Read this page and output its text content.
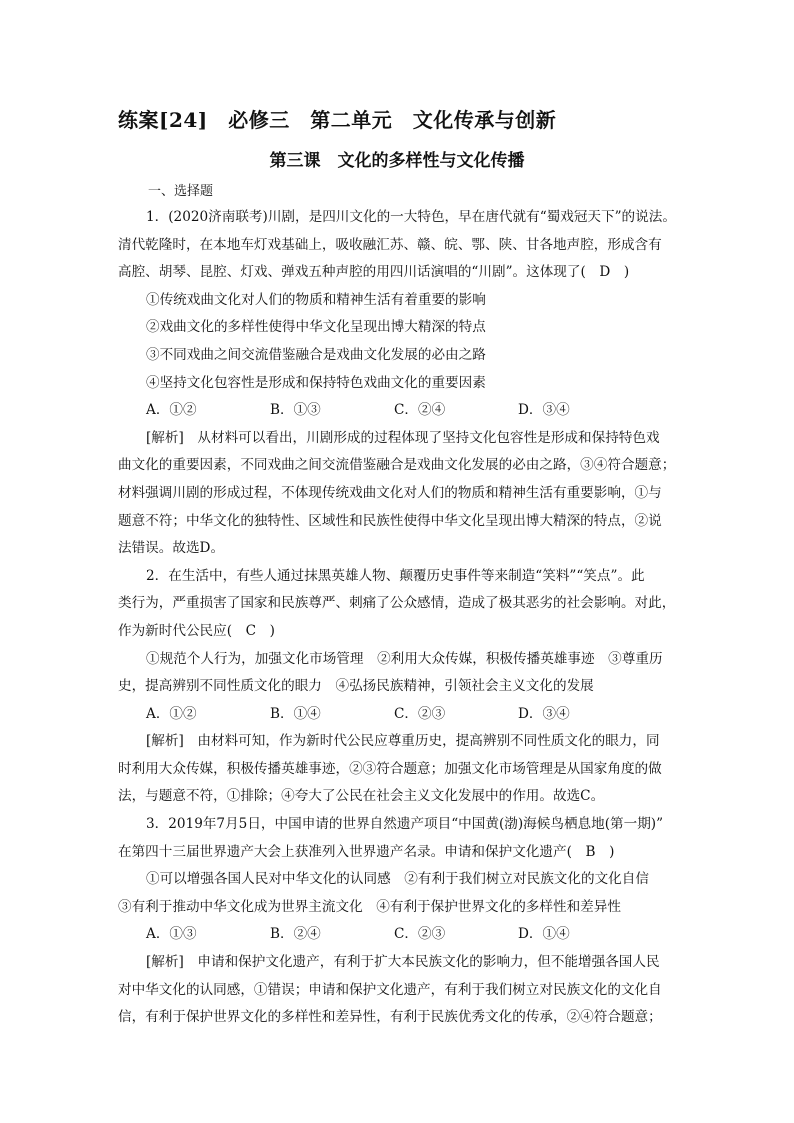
练案[24]　必修三　第二单元　文化传承与创新
第三课　文化的多样性与文化传播
一、选择题
1．(2020济南联考)川剧，是四川文化的一大特色，早在唐代就有“蜀戏冠天下”的说法。
清代乾隆时，在本地车灯戏基础上，吸收融汇苏、赣、皖、鄂、陕、甘各地声腔，形成含有
高腔、胡琴、昆腔、灯戏、弹戏五种声腔的用四川话演唱的“川剧”。这体现了(　D　)
①传统戏曲文化对人们的物质和精神生活有着重要的影响
②戏曲文化的多样性使得中华文化呈现出博大精深的特点
③不同戏曲之间交流借鉴融合是戏曲文化发展的必由之路
④坚持文化包容性是形成和保持特色戏曲文化的重要因素
A．①②	B．①③	C．②④	D．③④
[解析]　从材料可以看出，川剧形成的过程体现了坚持文化包容性是形成和保持特色戏
曲文化的重要因素，不同戏曲之间交流借鉴融合是戏曲文化发展的必由之路，③④符合题意；
材料强调川剧的形成过程，不体现传统戏曲文化对人们的物质和精神生活有重要影响，①与
题意不符；中华文化的独特性、区域性和民族性使得中华文化呈现出博大精深的特点，②说
法错误。故选D。
2．在生活中，有些人通过抹黑英雄人物、颠覆历史事件等来制造“笑料”“笑点”。此
类行为，严重损害了国家和民族尊严、刺痛了公众感情，造成了极其恶劣的社会影响。对此，
作为新时代公民应(　C　)
①规范个人行为，加强文化市场管理　②利用大众传媒，积极传播英雄事迹　③尊重历
史，提高辨别不同性质文化的眼力　④弘扬民族精神，引领社会主义文化的发展
A．①②	B．①④	C．②③	D．③④
[解析]　由材料可知，作为新时代公民应尊重历史，提高辨别不同性质文化的眼力，同
时利用大众传媒，积极传播英雄事迹，②③符合题意；加强文化市场管理是从国家角度的做
法，与题意不符，①排除；④夸大了公民在社会主义文化发展中的作用。故选C。
3．2019年7月5日，中国申请的世界自然遗产项目“中国黄(渤)海候鸟栖息地(第一期)”
在第四十三届世界遗产大会上获准列入世界遗产名录。申请和保护文化遗产(　B　)
①可以增强各国人民对中华文化的认同感　②有利于我们树立对民族文化的文化自信
③有利于推动中华文化成为世界主流文化　④有利于保护世界文化的多样性和差异性
A．①③	B．②④	C．②③	D．①④
[解析]　申请和保护文化遗产，有利于扩大本民族文化的影响力，但不能增强各国人民
对中华文化的认同感，①错误；申请和保护文化遗产，有利于我们树立对民族文化的文化自
信，有利于保护世界文化的多样性和差异性，有利于民族优秀文化的传承，②④符合题意；
